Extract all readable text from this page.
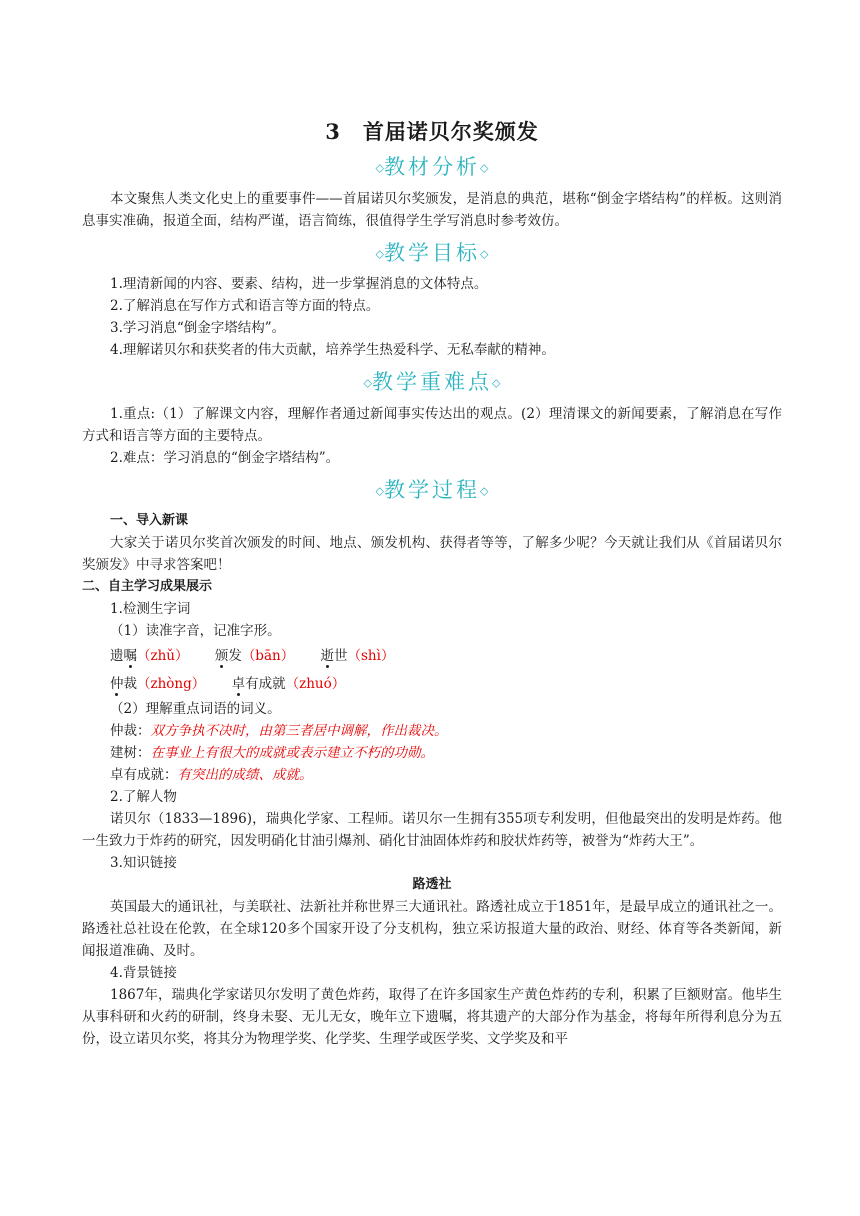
3 首届诺贝尔奖颁发
◇教材分析◇

本文聚焦人类文化史上的重要事件——首届诺贝尔奖颁发，是消息的典范，堪称“倒金字塔结构”的样板。这则消息事实准确，报道全面，结构严谨，语言简练，很值得学生学写消息时参考效仿。

◇教学目标◇

1.理清新闻的内容、要素、结构，进一步掌握消息的文体特点。

2.了解消息在写作方式和语言等方面的特点。

3.学习消息“倒金字塔结构”。

4.理解诺贝尔和获奖者的伟大贡献，培养学生热爱科学、无私奉献的精神。

◇教学重难点◇

1.重点:（1）了解课文内容，理解作者通过新闻事实传达出的观点。(2）理清课文的新闻要素，了解消息在写作方式和语言等方面的主要特点。

2.难点：学习消息的“倒金字塔结构”。

◇教学过程◇

一、导入新课

大家关于诺贝尔奖首次颁发的时间、地点、颁发机构、获得者等等，了解多少呢？今天就让我们从《首届诺贝尔奖颁发》中寻求答案吧！

二、自主学习成果展示

1.检测生字词

（1）读准字音，记准字形。

遗嘱（zhǔ） 颁发（bān） 逝世（shì）
仲裁（zhòng） 卓有成就（zhuó）

（2）理解重点词语的词义。

仲裁：双方争执不决时，由第三者居中调解，作出裁决。

建树：在事业上有很大的成就或表示建立不朽的功勋。

卓有成就：有突出的成绩、成就。

2.了解人物

诺贝尔（1833—1896)，瑞典化学家、工程师。诺贝尔一生拥有355项专利发明，但他最突出的发明是炸药。他一生致力于炸药的研究，因发明硝化甘油引爆剂、硝化甘油固体炸药和胶状炸药等，被誉为“炸药大王”。

3.知识链接

路透社

英国最大的通讯社，与美联社、法新社并称世界三大通讯社。路透社成立于1851年，是最早成立的通讯社之一。路透社总社设在伦敦，在全球120多个国家开设了分支机构，独立采访报道大量的政治、财经、体育等各类新闻，新闻报道准确、及时。

4.背景链接

1867年，瑞典化学家诺贝尔发明了黄色炸药，取得了在许多国家生产黄色炸药的专利，积累了巨额财富。他毕生从事科研和火药的研制，终身未娶、无儿无女，晚年立下遗嘱，将其遗产的大部分作为基金，将每年所得利息分为五份，设立诺贝尔奖，将其分为物理学奖、化学奖、生理学或医学奖、文学奖及和平
